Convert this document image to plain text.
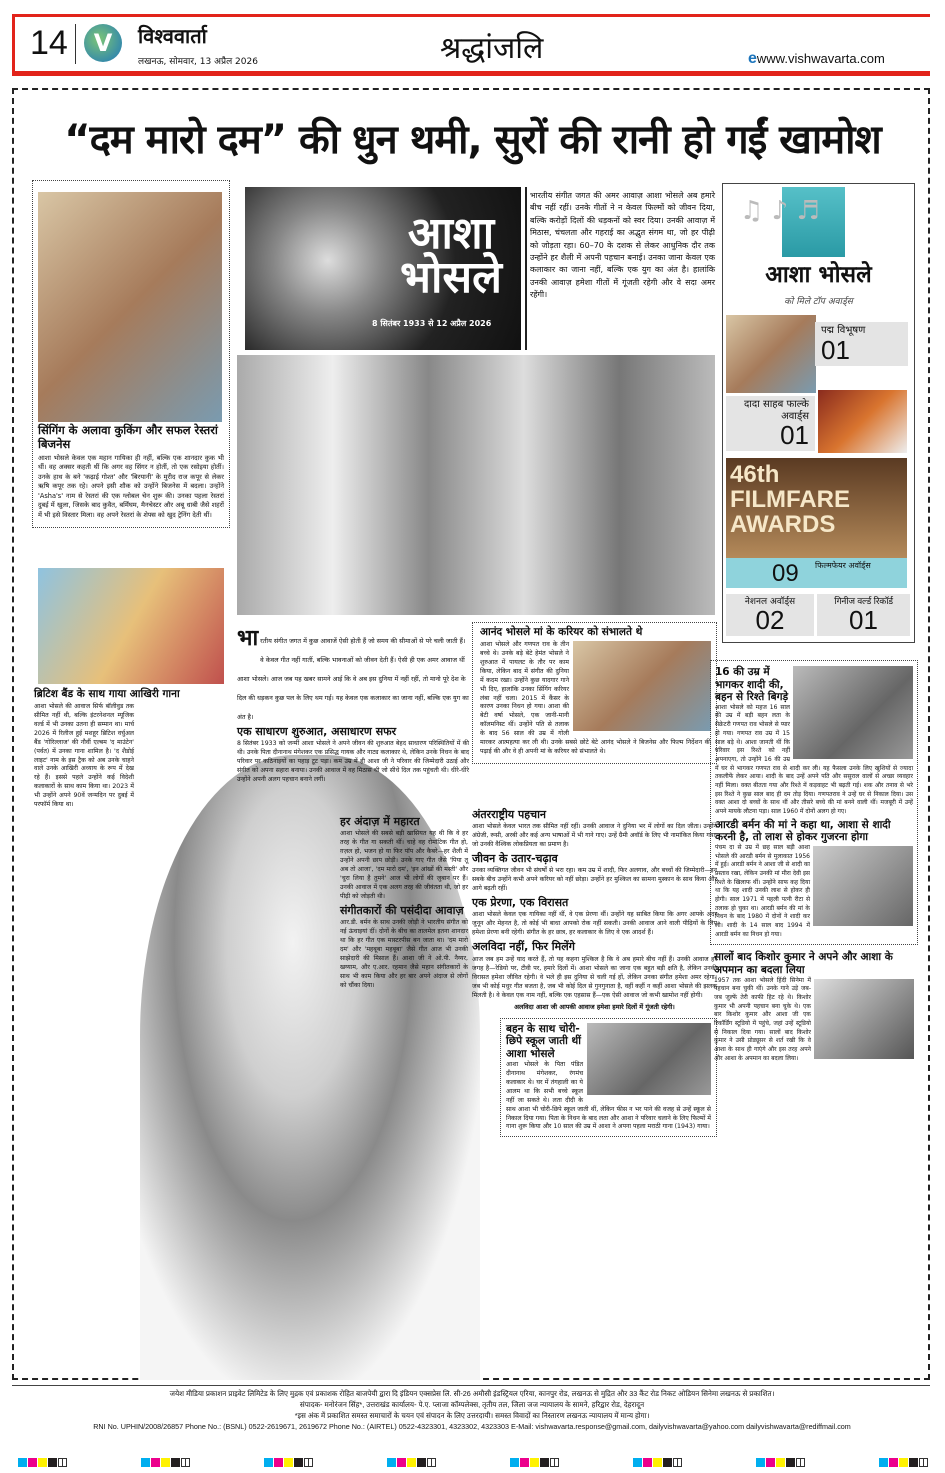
14	V	विश्ववार्ता
लखनऊ, सोमवार, 13 अप्रैल 2026	श्रद्धांजलि	ewww.vishwavarta.com
“दम मारो दम” की धुन थमी, सुरों की रानी हो गईं खामोश
सिंगिंग के अलावा कुकिंग और सफल रेस्तरां बिजनेस
आशा भोसले केवल एक महान गायिका ही नहीं, बल्कि एक शानदार कुक भी थीं। वह अक्सर कहती थीं कि अगर वह सिंगर न होतीं, तो एक रसोइया होतीं। उनके हाथ के बने 'कढ़ाई गोश्त' और 'बिरयानी' के मुरीद राज कपूर से लेकर ऋषि कपूर तक रहे। अपने इसी शौक को उन्होंने बिजनेस में बदला। उन्होंने 'Asha's' नाम से रेस्तरां की एक ग्लोबल चेन शुरू की। उनका पहला रेस्तरां दुबई में खुला, जिसके बाद कुवैत, बर्मिंघम, मैनचेस्टर और अबू धाबी जैसे शहरों में भी इसे विस्तार मिला। वह अपने रेस्तरां के शेफ्स को खुद ट्रेनिंग देती थीं।
ब्रिटिश बैंड के साथ गाया आखिरी गाना
आशा भोसले की आवाज सिर्फ बॉलीवुड तक सीमित नहीं थी, बल्कि इंटरनेशनल म्यूजिक वर्ल्ड में भी उनका उतना ही सम्मान था। मार्च 2026 में रिलीज हुई मशहूर ब्रिटिश वर्चुअल बैंड 'गोरिल्लाज' की नौवीं एल्बम 'द माउंटेन' (पर्वत) में उनका गाना शामिल है। 'द शैडोई लाइट' नाम के इस ट्रैक को अब उनके चाहने वाले उनके आखिरी अध्याय के रूप में देख रहे हैं। इससे पहले उन्होंने कई विदेशी कलाकारों के साथ काम किया था। 2023 में भी उन्होंने अपने 90वें जन्मदिन पर दुबई में परफॉर्म किया था।
आशा
भोसले
8 सितंबर 1933 से 12 अप्रैल 2026
भारतीय संगीत जगत की अमर आवाज़ आशा भोसले अब हमारे बीच नहीं रहीं। उनके गीतों ने न केवल फिल्मों को जीवन दिया, बल्कि करोड़ों दिलों की धड़कनों को स्वर दिया। उनकी आवाज़ में मिठास, चंचलता और गहराई का अद्भुत संगम था, जो हर पीढ़ी को जोड़ता रहा। 60–70 के दशक से लेकर आधुनिक दौर तक उन्होंने हर शैली में अपनी पहचान बनाई। उनका जाना केवल एक कलाकार का जाना नहीं, बल्कि एक युग का अंत है। हालांकि उनकी आवाज़ हमेशा गीतों में गूंजती रहेगी और वे सदा अमर रहेंगी।
भा रतीय संगीत जगत में कुछ आवाजें ऐसी होती हैं जो समय की सीमाओं से परे चली जाती हैं। वे केवल गीत नहीं गातीं, बल्कि भावनाओं को जीवन देती हैं। ऐसी ही एक अमर आवाज थीं आशा भोसले। आज जब यह खबर सामने आई कि वे अब इस दुनिया में नहीं रहीं, तो मानो पूरे देश के दिल की धड़कन कुछ पल के लिए थम गई। यह केवल एक कलाकार का जाना नहीं, बल्कि एक युग का अंत है।
एक साधारण शुरुआत, असाधारण सफर
8 सितंबर 1933 को जन्मीं आशा भोसले ने अपने जीवन की शुरुआत बेहद साधारण परिस्थितियों में की थी। उनके पिता दीनानाथ मंगेशकर एक प्रसिद्ध गायक और नाट्य कलाकार थे, लेकिन उनके निधन के बाद परिवार पर कठिनाइयों का पहाड़ टूट पड़ा। कम उम्र में ही आशा जी ने परिवार की जिम्मेदारी उठाई और संगीत को अपना सहारा बनाया। उनकी आवाज में वह मिठास थी जो सीधे दिल तक पहुंचती थी। धीरे-धीरे उन्होंने अपनी अलग पहचान बनाने लगीं।
हर अंदाज़ में महारत
आशा भोसले की सबसे बड़ी खासियत यह थी कि वे हर तरह के गीत गा सकती थीं। चाहे वह रोमांटिक गीत हो, ग़ज़ल हो, भजन हो या फिर पॉप और कैबरे—हर शैली में उन्होंने अपनी छाप छोड़ी। उनके गाए गीत जैसे 'पिया तू अब तो आजा', 'दम मारो दम', 'इन आंखों की मस्ती' और 'चुरा लिया है तुमने' आज भी लोगों की जुबान पर हैं। उनकी आवाज में एक अलग तरह की जीवंतता थी, जो हर पीढ़ी को जोड़ती थी।
संगीतकारों की पसंदीदा आवाज़
आर.डी. बर्मन के साथ उनकी जोड़ी ने भारतीय संगीत को नई ऊंचाइयां दीं। दोनों के बीच का तालमेल इतना शानदार था कि हर गीत एक मास्टरपीस बन जाता था। 'दम मारो दम' और 'महबूबा महबूबा' जैसे गीत आज भी उनकी साझेदारी की मिसाल हैं। आशा जी ने ओ.पी. नैय्यर, खय्याम, और ए.आर. रहमान जैसे महान संगीतकारों के साथ भी काम किया और हर बार अपने अंदाज से लोगों को चौंका दिया।
आनंद भोसले मां के करियर को संभालते थे
आशा भोसले और गणपत राव के तीन बच्चे थे। उनके बड़े बेटे हेमंत भोसले ने शुरुआत में पायलट के तौर पर काम किया, लेकिन बाद में संगीत की दुनिया में कदम रखा। उन्होंने कुछ यादगार गाने भी दिए, हालांकि उनका सिंगिंग करियर लंबा नहीं चला। 2015 में कैंसर के कारण उनका निधन हो गया। आशा की बेटी वर्षा भोसले, एक जानी-मानी कॉलमनिस्ट थीं। उन्होंने पति से तलाक के बाद 56 साल की उम्र में गोली मारकर आत्महत्या कर ली थी। उनके सबसे छोटे बेटे आनंद भोसले ने बिजनेस और फिल्म निर्देशन की पढ़ाई की और वे ही अपनी मां के करियर को संभालते थे।
अंतरराष्ट्रीय पहचान
आशा भोसले केवल भारत तक सीमित नहीं रहीं। उनकी आवाज ने दुनिया भर में लोगों का दिल जीता। उन्होंने अंग्रेजी, रूसी, अरबी और कई अन्य भाषाओं में भी गाने गाए। उन्हें ग्रैमी अवॉर्ड के लिए भी नामांकित किया गया, जो उनकी वैश्विक लोकप्रियता का प्रमाण है।
जीवन के उतार-चढ़ाव
उनका व्यक्तिगत जीवन भी संघर्षों से भरा रहा। कम उम्र में शादी, फिर अलगाव, और बच्चों की जिम्मेदारी—इन सबके बीच उन्होंने कभी अपने करियर को नहीं छोड़ा। उन्होंने हर मुश्किल का सामना मुस्कान के साथ किया और आगे बढ़ती रहीं।
एक प्रेरणा, एक विरासत
आशा भोसले केवल एक गायिका नहीं थीं, वे एक प्रेरणा थीं। उन्होंने यह साबित किया कि अगर आपके अंदर जुनून और मेहनत है, तो कोई भी बाधा आपको रोक नहीं सकती। उनकी आवाज आने वाली पीढ़ियों के लिए हमेशा प्रेरणा बनी रहेगी। संगीत के हर छात्र, हर कलाकार के लिए वे एक आदर्श हैं।
अलविदा नहीं, फिर मिलेंगे
आज जब हम उन्हें याद करते हैं, तो यह कहना मुश्किल है कि वे अब हमारे बीच नहीं हैं। उनकी आवाज हर जगह है—रेडियो पर, टीवी पर, हमारे दिलों में। आशा भोसले का जाना एक बहुत बड़ी क्षति है, लेकिन उनकी विरासत हमेशा जीवित रहेगी। वे भले ही इस दुनिया से चली गई हों, लेकिन उनका संगीत हमेशा अमर रहेगा। जब भी कोई मधुर गीत बजता है, जब भी कोई दिल से गुनगुनाता है, वहीं कहीं न कहीं आशा भोसले की झलक मिलती है। वे केवल एक नाम नहीं, बल्कि एक एहसास हैं—एक ऐसी आवाज जो कभी खामोश नहीं होगी।
अलविदा आशा जी आपकी आवाज हमेशा हमारे दिलों में गूंजती रहेगी।
बहन के साथ चोरी-छिपे स्कूल जाती थीं आशा भोसले
आशा भोसले के पिता पंडित दीनानाथ मंगेशकर, रंगमंच कलाकार थे। घर में तंगहाली का ये आलम था कि सभी बच्चे स्कूल नहीं जा सकते थे। लता दीदी के साथ आशा भी चोरी-छिपे स्कूल जाती थीं, लेकिन फीस न भर पाने की वजह से उन्हें स्कूल से निकाल दिया गया। पिता के निधन के बाद लता और आशा ने परिवार चलाने के लिए फिल्मों में गाना शुरू किया और 10 साल की उम्र में आशा ने अपना पहला मराठी गाना (1943) गाया।
♫ ♪ ♬
आशा भोसले
को मिले टॉप अवार्ड्स
पद्म विभूषण
01
दादा साहब फाल्के अवार्ड्स
01
46th FILMFARE AWARDS
09 फिल्मफेयर अवॉर्ड्स
नेशनल अवॉर्ड्स
02
गिनीज वर्ल्ड रिकॉर्ड
01
16 की उम्र में भागकर शादी की, बहन से रिश्ते बिगड़े
आशा भोसले को महज 16 साल की उम्र में बड़ी बहन लता के सेक्रेटरी गणपत राव भोसले से प्यार हो गया। गणपत राव उम्र में 15 साल बड़े थे। आशा जानती थीं कि परिवार इस रिश्ते को नहीं अपनाएगा, तो उन्होंने 16 की उम्र में घर से भागकर गणपत राव से शादी कर ली। यह फैसला उनके लिए खुशियों से ज्यादा तकलीफें लेकर आया। शादी के बाद उन्हें अपने पति और ससुराल वालों से अच्छा व्यवहार नहीं मिला। वक्त बीतता गया और रिश्ते में कड़वाहट भी बढ़ती गई। शक और तनाव से भरे इस रिश्ते ने कुछ साल बाद ही दम तोड़ दिया। गणपतराव ने उन्हें घर से निकाल दिया। उस वक्त आशा दो बच्चों के साथ थीं और तीसरे बच्चे की मां बनने वाली थीं। मजबूरी में उन्हें अपने मायके लौटना पड़ा। साल 1960 में दोनों अलग हो गए।
आरडी बर्मन की मां ने कहा था, आशा से शादी करनी है, तो लाश से होकर गुजरना होगा
पंचम दा से उम्र में छह साल बड़ी आशा भोसले की आरडी बर्मन से मुलाकात 1956 में हुई। आरडी बर्मन ने आशा जी से शादी का प्रस्ताव रखा, लेकिन उनकी मां मीरा देवी इस रिश्ते के खिलाफ थीं। उन्होंने साफ कह दिया था कि यह शादी उनकी लाश से होकर ही होगी। साल 1971 में पहली पत्नी रीटा से तलाक हो चुका था। आरडी बर्मन की मां के निधन के बाद 1980 में दोनों ने शादी कर ली। शादी के 14 साल बाद 1994 में आरडी बर्मन का निधन हो गया।
सालों बाद किशोर कुमार ने अपने और आशा के अपमान का बदला लिया
1957 तक आशा भोसले हिंदी सिनेमा में पहचान बना चुकी थीं। उनके गाने उड़े जब-जब जुल्फें तेरी काफी हिट रहे थे। किशोर कुमार भी अपनी पहचान बना चुके थे। एक बार किशोर कुमार और आशा जी एक रिकॉर्डिंग स्टूडियो में पहुंचे, जहां उन्हें स्टूडियो से निकाल दिया गया। सालों बाद किशोर कुमार ने उसी प्रोड्यूसर से शर्त रखी कि वे आशा के साथ ही गाएंगे और इस तरह अपने और आशा के अपमान का बदला लिया।
जयेश मीडिया प्रकाशन प्राइवेट लिमिटेड के लिए मुद्रक एवं प्रकाशक रोहित बाजपेयी द्वारा दि इंडियन एक्सप्रेस लि. सी-26 अमौसी इंडस्ट्रियल एरिया, कानपुर रोड, लखनऊ से मुद्रित और 33 कैंट रोड निकट ओडियन सिनेमा लखनऊ से प्रकाशित।
संपादक- मनोरंजन सिंह*, उत्तराखंड कार्यालय- पे.ए. प्लाजा कॉम्पलेक्स, तृतीय तल, जिला जज न्यायालय के सामने, हरिद्वार रोड, देहरादून
*इस अंक में प्रकाशित समस्त समाचारों के चयन एवं संपादन के लिए उत्तरदायी। समस्त विवादों का निस्तारण लखनऊ न्यायालय में मान्य होगा।
RNI No. UPHIN/2008/26857 Phone No.: (BSNL) 0522-2619671, 2619672 Phone No.: (AIRTEL) 0522-4323301, 4323302, 4323303 E-Mail: vishwavarta.response@gmail.com, dailyvishwavarta@yahoo.com dailyvishwavarta@rediffmail.com
